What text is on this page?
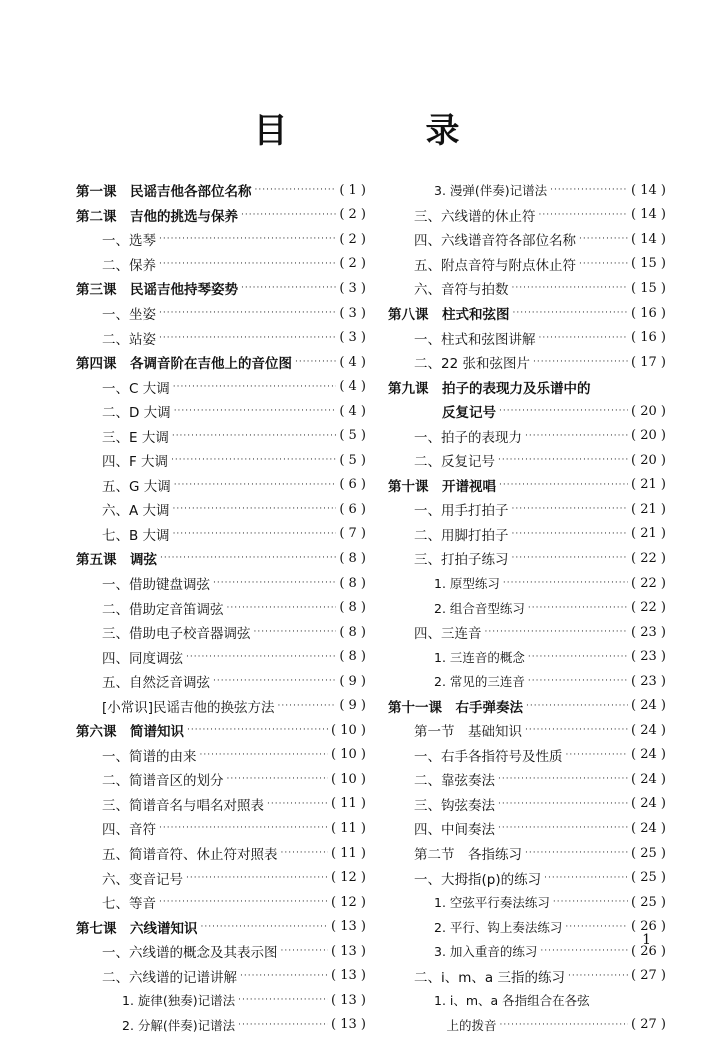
目　录
第一课　民谣吉他各部位名称 ·····	( 1 )
第二课　吉他的挑选与保养 ·····	( 2 )
一、选琴 ·····	( 2 )
二、保养 ·····	( 2 )
第三课　民谣吉他持琴姿势 ·····	( 3 )
一、坐姿 ·····	( 3 )
二、站姿 ·····	( 3 )
第四课　各调音阶在吉他上的音位图 ·····	( 4 )
一、C 大调 ·····	( 4 )
二、D 大调 ·····	( 4 )
三、E 大调 ·····	( 5 )
四、F 大调 ·····	( 5 )
五、G 大调 ·····	( 6 )
六、A 大调 ·····	( 6 )
七、B 大调 ·····	( 7 )
第五课　调弦 ·····	( 8 )
一、借助键盘调弦 ·····	( 8 )
二、借助定音笛调弦 ·····	( 8 )
三、借助电子校音器调弦 ·····	( 8 )
四、同度调弦 ·····	( 8 )
五、自然泛音调弦 ·····	( 9 )
[小常识]民谣吉他的换弦方法 ·····	( 9 )
第六课　简谱知识 ·····	( 10 )
一、简谱的由来 ·····	( 10 )
二、简谱音区的划分 ·····	( 10 )
三、简谱音名与唱名对照表 ·····	( 11 )
四、音符 ·····	( 11 )
五、简谱音符、休止符对照表 ·····	( 11 )
六、变音记号 ·····	( 12 )
七、等音 ·····	( 12 )
第七课　六线谱知识 ·····	( 13 )
一、六线谱的概念及其表示图 ·····	( 13 )
二、六线谱的记谱讲解 ·····	( 13 )
1. 旋律(独奏)记谱法 ·····	( 13 )
2. 分解(伴奏)记谱法 ·····	( 13 )
3. 漫弹(伴奏)记谱法 ·····	( 14 )
三、六线谱的休止符 ·····	( 14 )
四、六线谱音符各部位名称 ·····	( 14 )
五、附点音符与附点休止符 ·····	( 15 )
六、音符与拍数 ·····	( 15 )
第八课　柱式和弦图 ·····	( 16 )
一、柱式和弦图讲解 ·····	( 16 )
二、22 张和弦图片 ·····	( 17 )
第九课　拍子的表现力及乐谱中的
　　　　反复记号 ·····	( 20 )
一、拍子的表现力 ·····	( 20 )
二、反复记号 ·····	( 20 )
第十课　开谱视唱 ·····	( 21 )
一、用手打拍子 ·····	( 21 )
二、用脚打拍子 ·····	( 21 )
三、打拍子练习 ·····	( 22 )
1. 原型练习 ·····	( 22 )
2. 组合音型练习 ·····	( 22 )
四、三连音 ·····	( 23 )
1. 三连音的概念 ·····	( 23 )
2. 常见的三连音 ·····	( 23 )
第十一课　右手弹奏法 ·····	( 24 )
第一节　基础知识 ·····	( 24 )
一、右手各指符号及性质 ·····	( 24 )
二、靠弦奏法 ·····	( 24 )
三、钩弦奏法 ·····	( 24 )
四、中间奏法 ·····	( 24 )
第二节　各指练习 ·····	( 25 )
一、大拇指(p)的练习 ·····	( 25 )
1. 空弦平行奏法练习 ·····	( 25 )
2. 平行、钩上奏法练习 ·····	( 26 )
3. 加入重音的练习 ·····	( 26 )
二、i、m、a 三指的练习 ·····	( 27 )
1. i、m、a 各指组合在各弦
　上的拨音 ·····	( 27 )
1
